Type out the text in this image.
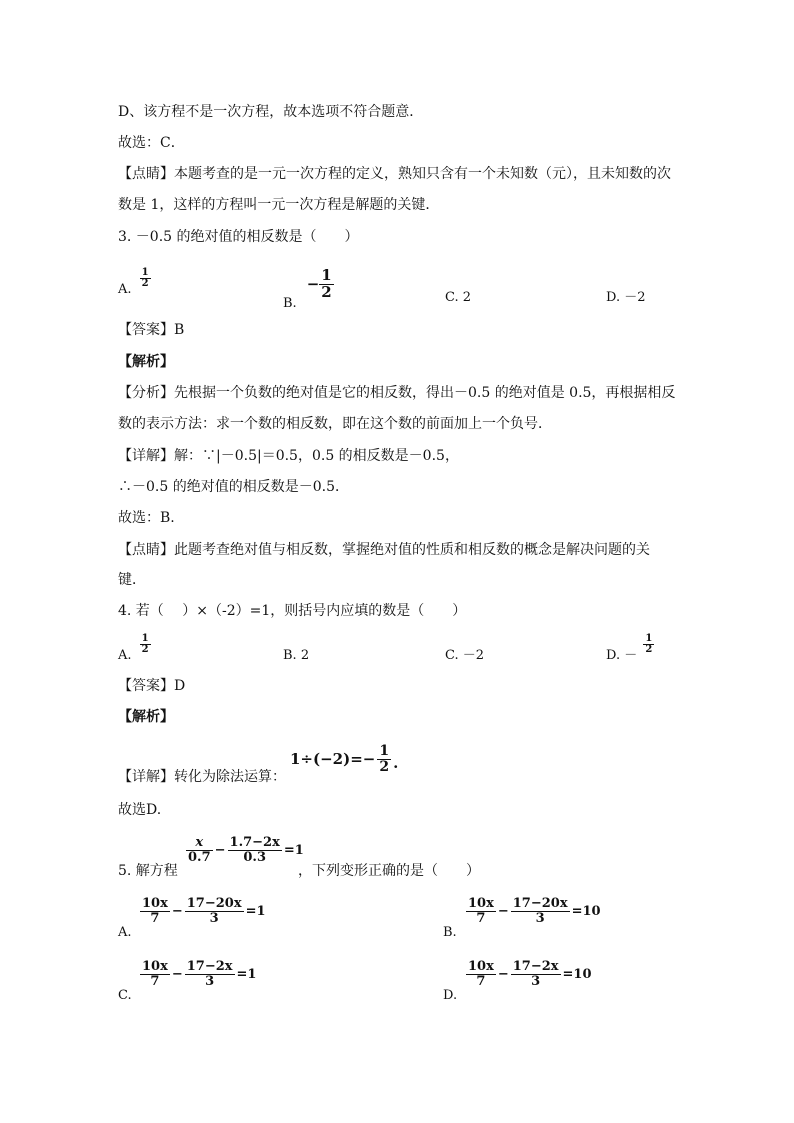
D、该方程不是一次方程，故本选项不符合题意．
故选：C．
【点睛】本题考查的是一元一次方程的定义，熟知只含有一个未知数（元），且未知数的次
数是 1，这样的方程叫一元一次方程是解题的关键．
3. －0.5 的绝对值的相反数是（　　）
A. $\frac{1}{2}$
B.
− $\frac{1}{2}$	C. 2	D. －2
【答案】B
【解析】
【分析】先根据一个负数的绝对值是它的相反数，得出－0.5 的绝对值是 0.5，再根据相反
数的表示方法：求一个数的相反数，即在这个数的前面加上一个负号．
【详解】解：∵|－0.5|＝0.5，0.5 的相反数是－0.5，
∴－0.5 的绝对值的相反数是－0.5．
故选：B.
【点睛】此题考查绝对值与相反数，掌握绝对值的性质和相反数的概念是解决问题的关
键．
4. 若（　 ）×（-2）=1，则括号内应填的数是（　　）
A. $\frac{1}{2}$	B. 2	C. －2	D. － $\frac{1}{2}$
【答案】D
【解析】
【详解】转化为除法运算：
$1\div(-2)=- \frac{1}{2}$ .
故选D.
5. 解方程
$\frac{x}{0.7} - \frac{1.7-2x}{0.3} =1$
，下列变形正确的是（　　）
A.
$\frac{10x}{7} - \frac{17-20x}{3} =1$
B.
$\frac{10x}{7} - \frac{17-20x}{3} =10$
C.
$\frac{10x}{7} - \frac{17-2x}{3} =1$
D.
$\frac{10x}{7} - \frac{17-2x}{3} =10$
